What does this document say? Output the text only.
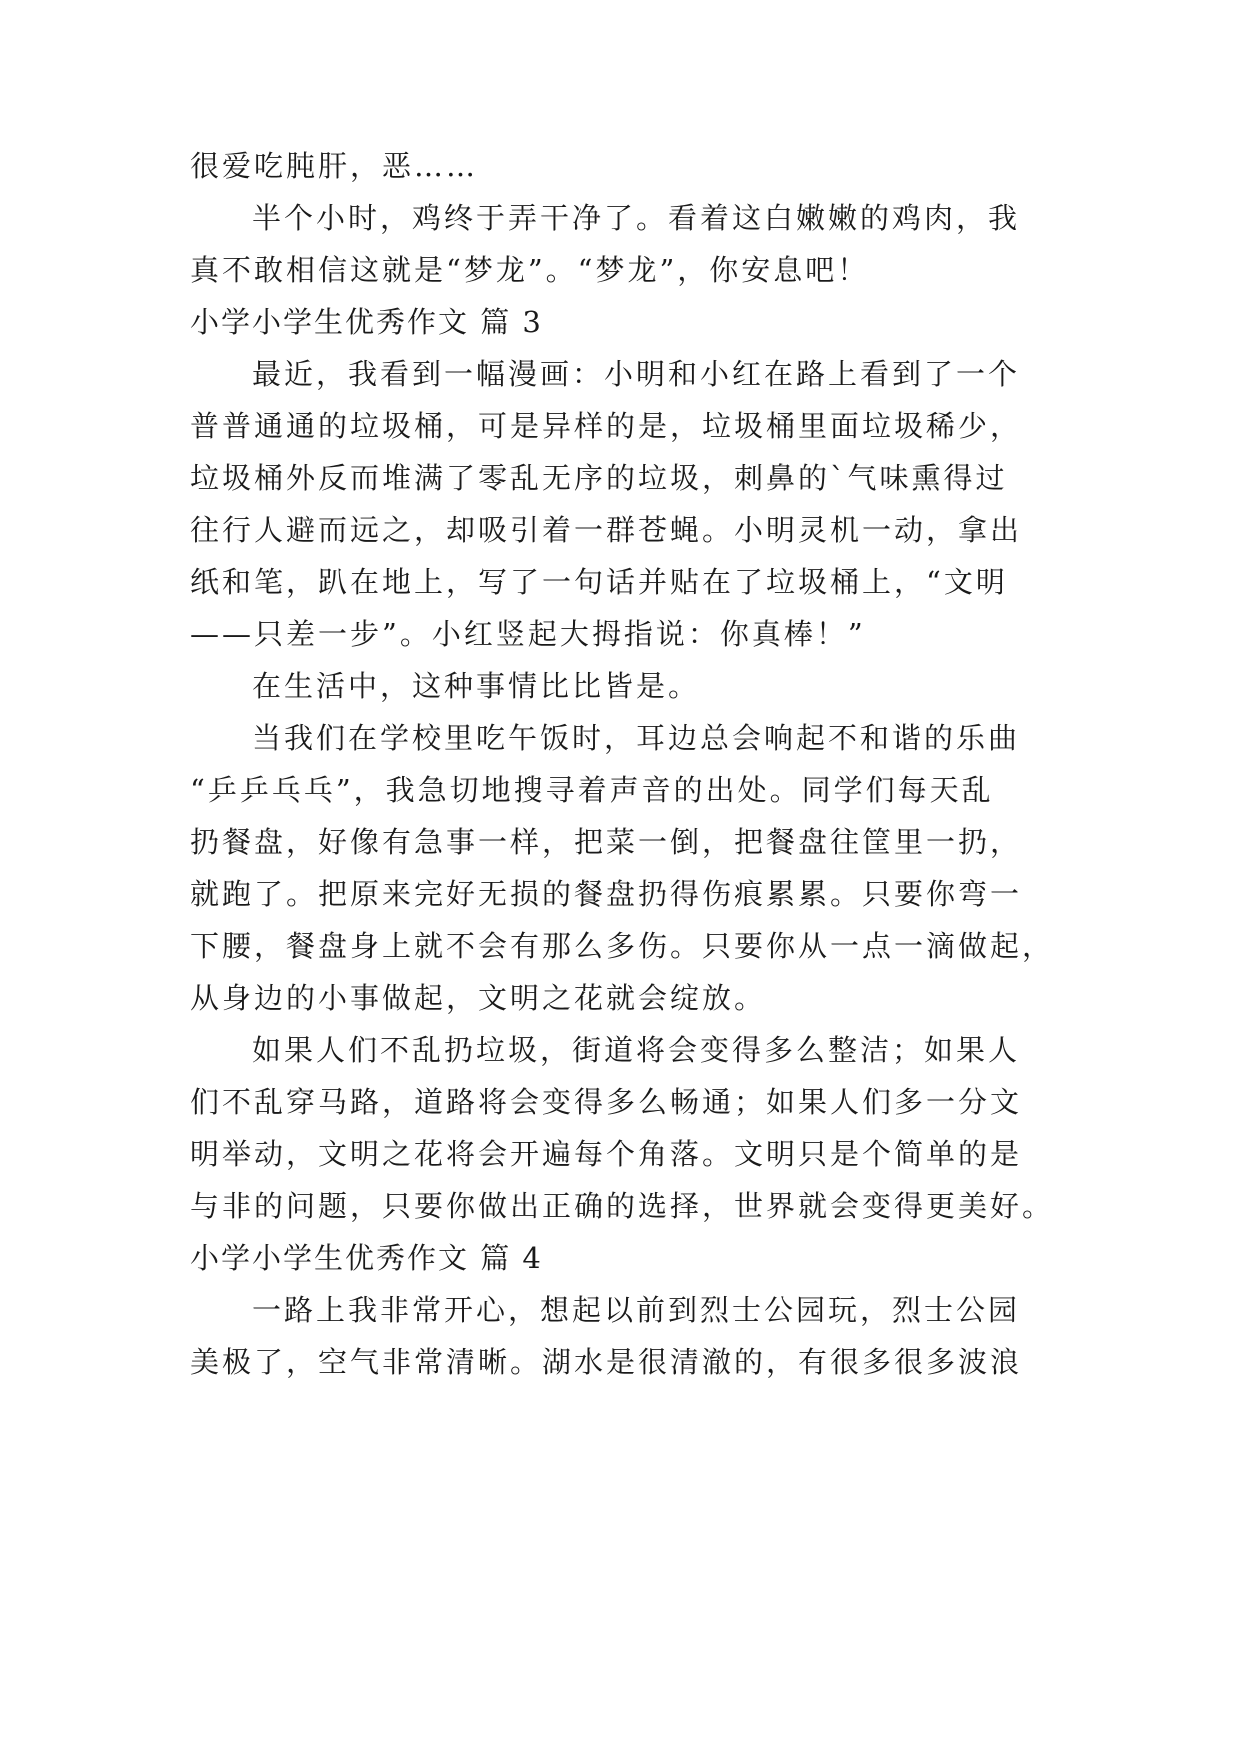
很爱吃肫肝，恶……
半个小时，鸡终于弄干净了。看着这白嫩嫩的鸡肉，我
真不敢相信这就是“梦龙”。“梦龙”，你安息吧！
小学小学生优秀作文 篇 3
最近，我看到一幅漫画：小明和小红在路上看到了一个
普普通通的垃圾桶，可是异样的是，垃圾桶里面垃圾稀少，
垃圾桶外反而堆满了零乱无序的垃圾，刺鼻的`气味熏得过
往行人避而远之，却吸引着一群苍蝇。小明灵机一动，拿出
纸和笔，趴在地上，写了一句话并贴在了垃圾桶上，“文明
——只差一步”。小红竖起大拇指说：你真棒！”
在生活中，这种事情比比皆是。
当我们在学校里吃午饭时，耳边总会响起不和谐的乐曲
“乒乒乓乓”，我急切地搜寻着声音的出处。同学们每天乱
扔餐盘，好像有急事一样，把菜一倒，把餐盘往筐里一扔，
就跑了。把原来完好无损的餐盘扔得伤痕累累。只要你弯一
下腰，餐盘身上就不会有那么多伤。只要你从一点一滴做起，
从身边的小事做起，文明之花就会绽放。
如果人们不乱扔垃圾，街道将会变得多么整洁；如果人
们不乱穿马路，道路将会变得多么畅通；如果人们多一分文
明举动，文明之花将会开遍每个角落。文明只是个简单的是
与非的问题，只要你做出正确的选择，世界就会变得更美好。
小学小学生优秀作文 篇 4
一路上我非常开心，想起以前到烈士公园玩，烈士公园
美极了，空气非常清晰。湖水是很清澈的，有很多很多波浪
